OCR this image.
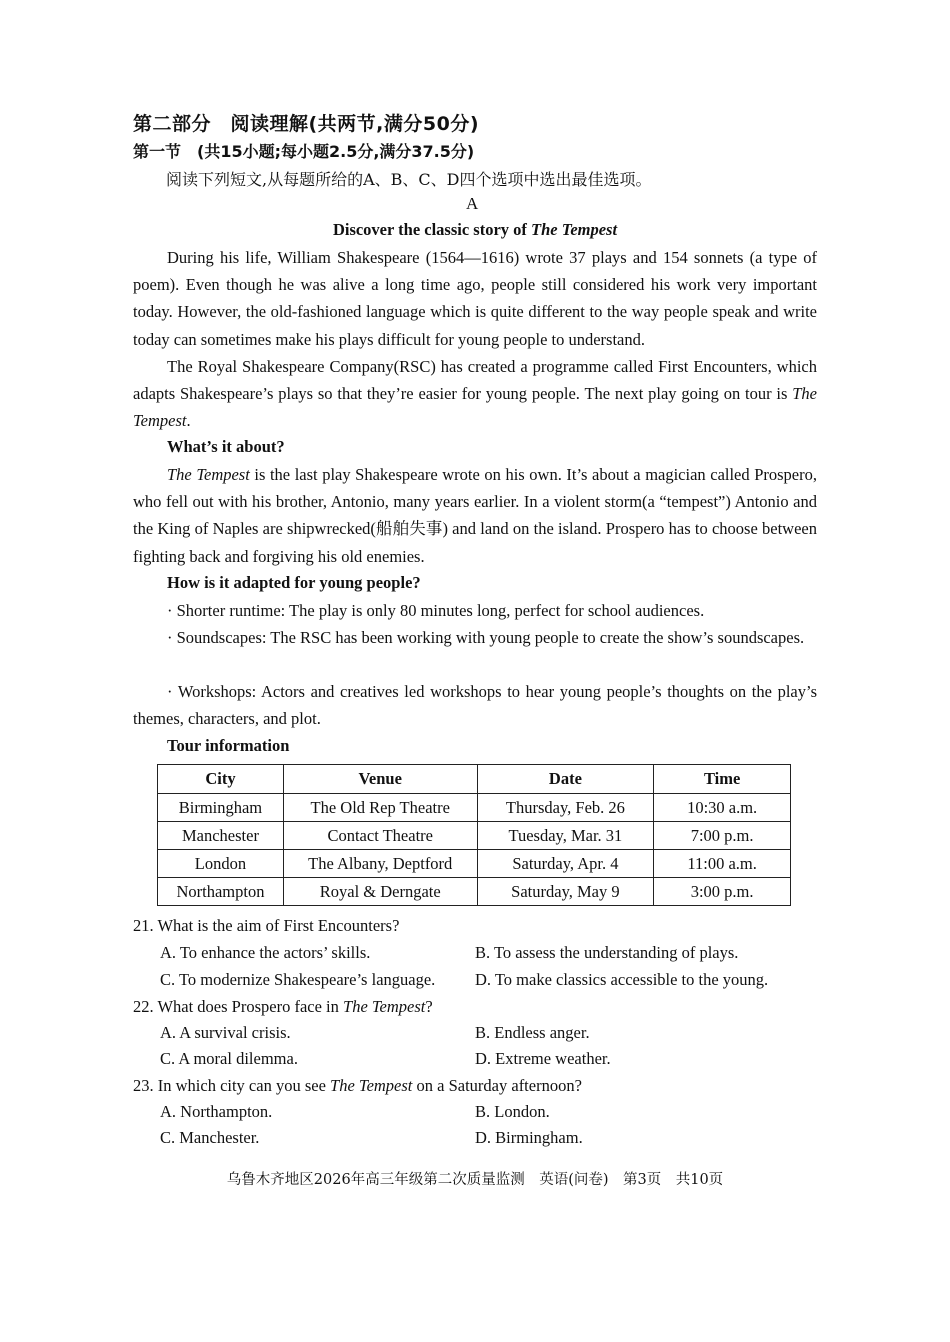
第二部分　阅读理解(共两节,满分50分)
第一节　(共15小题;每小题2.5分,满分37.5分)
阅读下列短文,从每题所给的A、B、C、D四个选项中选出最佳选项。
A
Discover the classic story of The Tempest
During his life, William Shakespeare (1564—1616) wrote 37 plays and 154 sonnets (a type of poem). Even though he was alive a long time ago, people still considered his work very important today. However, the old-fashioned language which is quite different to the way people speak and write today can sometimes make his plays difficult for young people to understand.
The Royal Shakespeare Company(RSC) has created a programme called First Encounters, which adapts Shakespeare’s plays so that they’re easier for young people. The next play going on tour is The Tempest.
What’s it about?
The Tempest is the last play Shakespeare wrote on his own. It’s about a magician called Prospero, who fell out with his brother, Antonio, many years earlier. In a violent storm(a “tempest”) Antonio and the King of Naples are shipwrecked(船舶失事) and land on the island. Prospero has to choose between fighting back and forgiving his old enemies.
How is it adapted for young people?
· Shorter runtime: The play is only 80 minutes long, perfect for school audiences.
· Soundscapes: The RSC has been working with young people to create the show’s soundscapes.
· Workshops: Actors and creatives led workshops to hear young people’s thoughts on the play’s themes, characters, and plot.
Tour information
City	Venue	Date	Time
Birmingham	The Old Rep Theatre	Thursday, Feb. 26	10:30 a.m.
Manchester	Contact Theatre	Tuesday, Mar. 31	7:00 p.m.
London	The Albany, Deptford	Saturday, Apr. 4	11:00 a.m.
Northampton	Royal & Derngate	Saturday, May 9	3:00 p.m.
21. What is the aim of First Encounters?
A. To enhance the actors’ skills.	B. To assess the understanding of plays.
C. To modernize Shakespeare’s language. D. To make classics accessible to the young.
22. What does Prospero face in The Tempest?
A. A survival crisis.	B. Endless anger.
C. A moral dilemma.	D. Extreme weather.
23. In which city can you see The Tempest on a Saturday afternoon?
A. Northampton.	B. London.
C. Manchester.	D. Birmingham.
乌鲁木齐地区2026年高三年级第二次质量监测　英语(问卷)　第3页　共10页
